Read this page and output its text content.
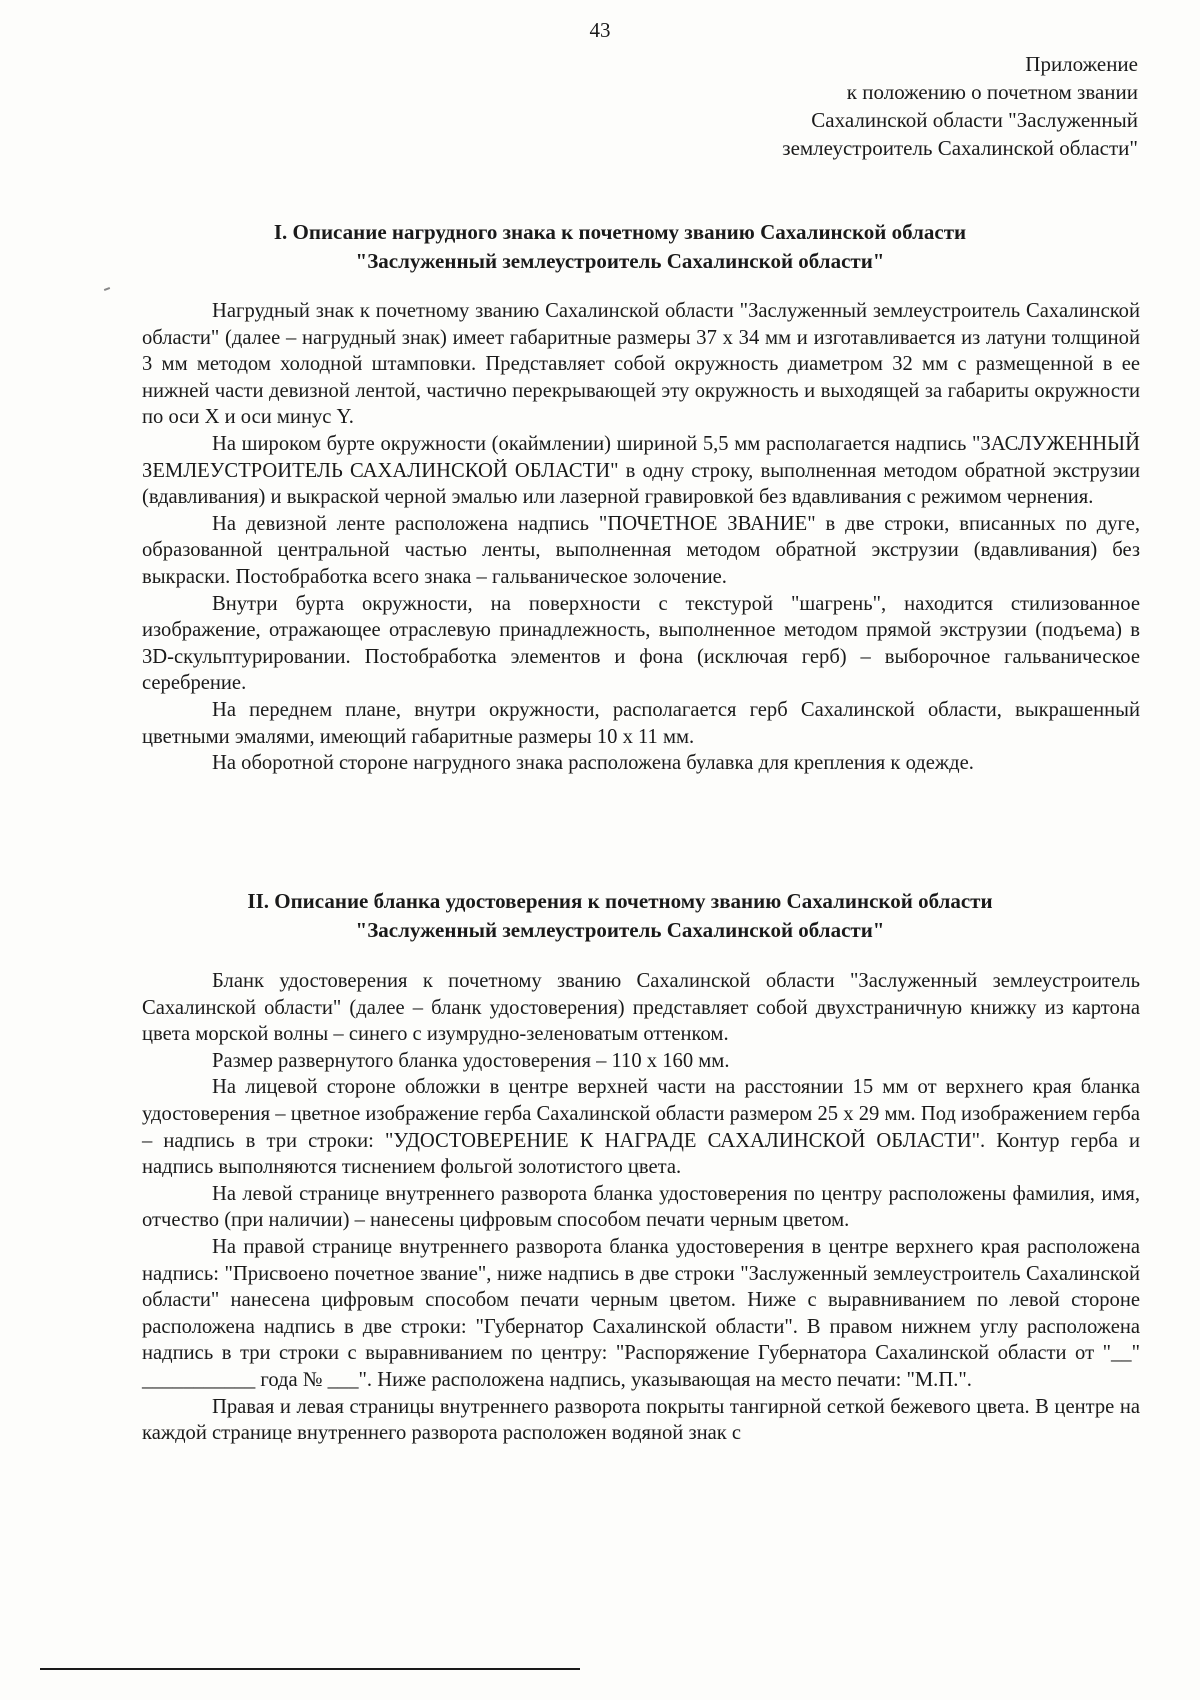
43
Приложение
к положению о почетном звании
Сахалинской области "Заслуженный
землеустроитель Сахалинской области"
I. Описание нагрудного знака к почетному званию Сахалинской области
"Заслуженный землеустроитель Сахалинской области"

Нагрудный знак к почетному званию Сахалинской области "Заслуженный землеустроитель Сахалинской области" (далее – нагрудный знак) имеет габаритные размеры 37 х 34 мм и изготавливается из латуни толщиной 3 мм методом холодной штамповки. Представляет собой окружность диаметром 32 мм с размещенной в ее нижней части девизной лентой, частично перекрывающей эту окружность и выходящей за габариты окружности по оси X и оси минус Y.

На широком бурте окружности (окаймлении) шириной 5,5 мм располагается надпись "ЗАСЛУЖЕННЫЙ ЗЕМЛЕУСТРОИТЕЛЬ САХАЛИНСКОЙ ОБЛАСТИ" в одну строку, выполненная методом обратной экструзии (вдавливания) и выкраской черной эмалью или лазерной гравировкой без вдавливания с режимом чернения.

На девизной ленте расположена надпись "ПОЧЕТНОЕ ЗВАНИЕ" в две строки, вписанных по дуге, образованной центральной частью ленты, выполненная методом обратной экструзии (вдавливания) без выкраски. Постобработка всего знака – гальваническое золочение.

Внутри бурта окружности, на поверхности с текстурой "шагрень", находится стилизованное изображение, отражающее отраслевую принадлежность, выполненное методом прямой экструзии (подъема) в 3D-скульптурировании. Постобработка элементов и фона (исключая герб) – выборочное гальваническое серебрение.

На переднем плане, внутри окружности, располагается герб Сахалинской области, выкрашенный цветными эмалями, имеющий габаритные размеры 10 х 11 мм.

На оборотной стороне нагрудного знака расположена булавка для крепления к одежде.

II. Описание бланка удостоверения к почетному званию Сахалинской области
"Заслуженный землеустроитель Сахалинской области"

Бланк удостоверения к почетному званию Сахалинской области "Заслуженный землеустроитель Сахалинской области" (далее – бланк удостоверения) представляет собой двухстраничную книжку из картона цвета морской волны – синего с изумрудно-зеленоватым оттенком.

Размер развернутого бланка удостоверения – 110 х 160 мм.

На лицевой стороне обложки в центре верхней части на расстоянии 15 мм от верхнего края бланка удостоверения – цветное изображение герба Сахалинской области размером 25 х 29 мм. Под изображением герба – надпись в три строки: "УДОСТОВЕРЕНИЕ К НАГРАДЕ САХАЛИНСКОЙ ОБЛАСТИ". Контур герба и надпись выполняются тиснением фольгой золотистого цвета.

На левой странице внутреннего разворота бланка удостоверения по центру расположены фамилия, имя, отчество (при наличии) – нанесены цифровым способом печати черным цветом.

На правой странице внутреннего разворота бланка удостоверения в центре верхнего края расположена надпись: "Присвоено почетное звание", ниже надпись в две строки "Заслуженный землеустроитель Сахалинской области" нанесена цифровым способом печати черным цветом. Ниже с выравниванием по левой стороне расположена надпись в две строки: "Губернатор Сахалинской области". В правом нижнем углу расположена надпись в три строки с выравниванием по центру: "Распоряжение Губернатора Сахалинской области от "__" ___________ года № ___". Ниже расположена надпись, указывающая на место печати: "М.П.".

Правая и левая страницы внутреннего разворота покрыты тангирной сеткой бежевого цвета. В центре на каждой странице внутреннего разворота расположен водяной знак с
